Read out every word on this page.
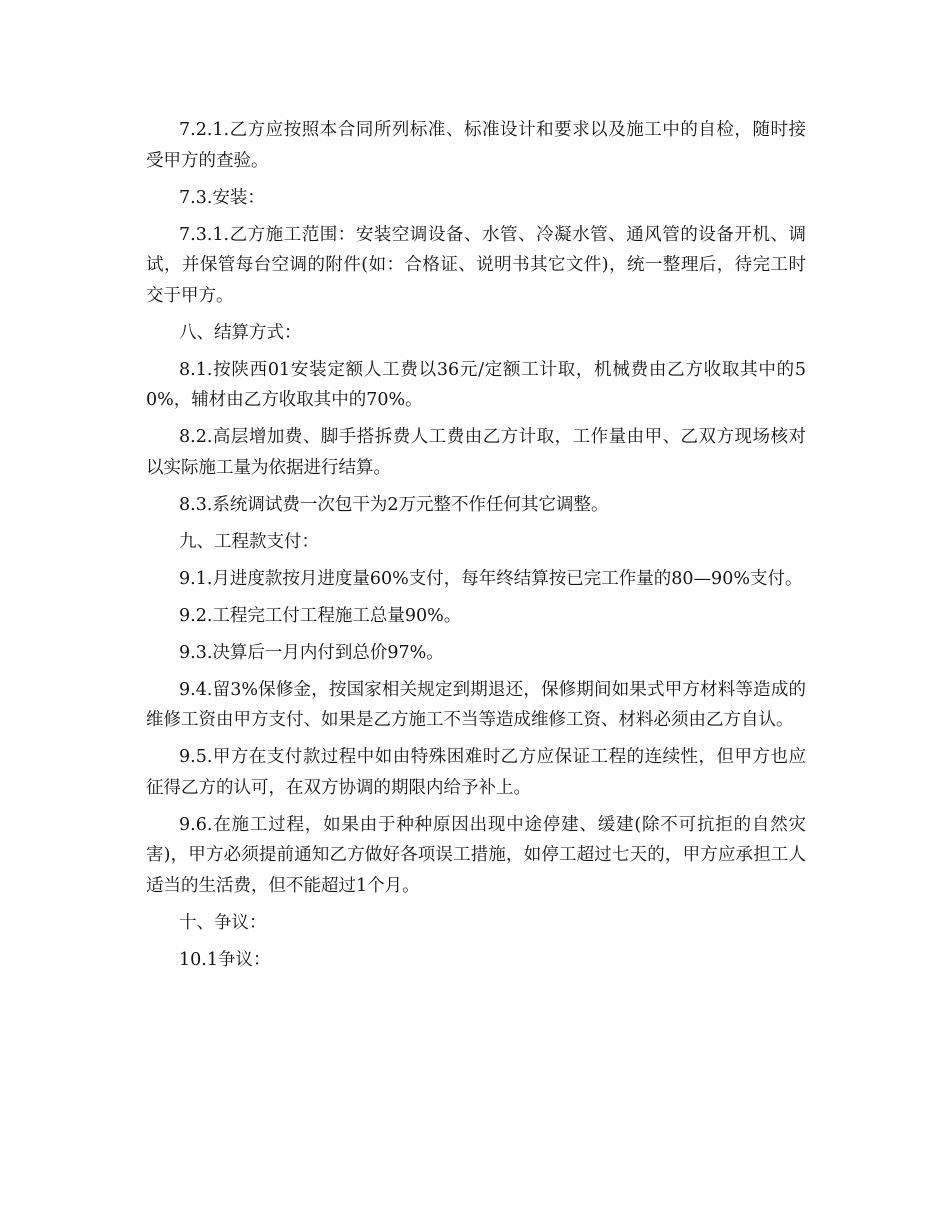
7.2.1.乙方应按照本合同所列标准、标准设计和要求以及施工中的自检，随时接受甲方的查验。

7.3.安装：

7.3.1.乙方施工范围：安装空调设备、水管、冷凝水管、通风管的设备开机、调试，并保管每台空调的附件(如：合格证、说明书其它文件)，统一整理后，待完工时交于甲方。

八、结算方式：

8.1.按陕西01安装定额人工费以36元/定额工计取，机械费由乙方收取其中的50%，辅材由乙方收取其中的70%。

8.2.高层增加费、脚手搭拆费人工费由乙方计取，工作量由甲、乙双方现场核对以实际施工量为依据进行结算。

8.3.系统调试费一次包干为2万元整不作任何其它调整。

九、工程款支付：

9.1.月进度款按月进度量60%支付，每年终结算按已完工作量的80—90%支付。

9.2.工程完工付工程施工总量90%。

9.3.决算后一月内付到总价97%。

9.4.留3%保修金，按国家相关规定到期退还，保修期间如果式甲方材料等造成的维修工资由甲方支付、如果是乙方施工不当等造成维修工资、材料必须由乙方自认。

9.5.甲方在支付款过程中如由特殊困难时乙方应保证工程的连续性，但甲方也应征得乙方的认可，在双方协调的期限内给予补上。

9.6.在施工过程，如果由于种种原因出现中途停建、缓建(除不可抗拒的自然灾害)，甲方必须提前通知乙方做好各项误工措施，如停工超过七天的，甲方应承担工人适当的生活费，但不能超过1个月。

十、争议：

10.1争议：
